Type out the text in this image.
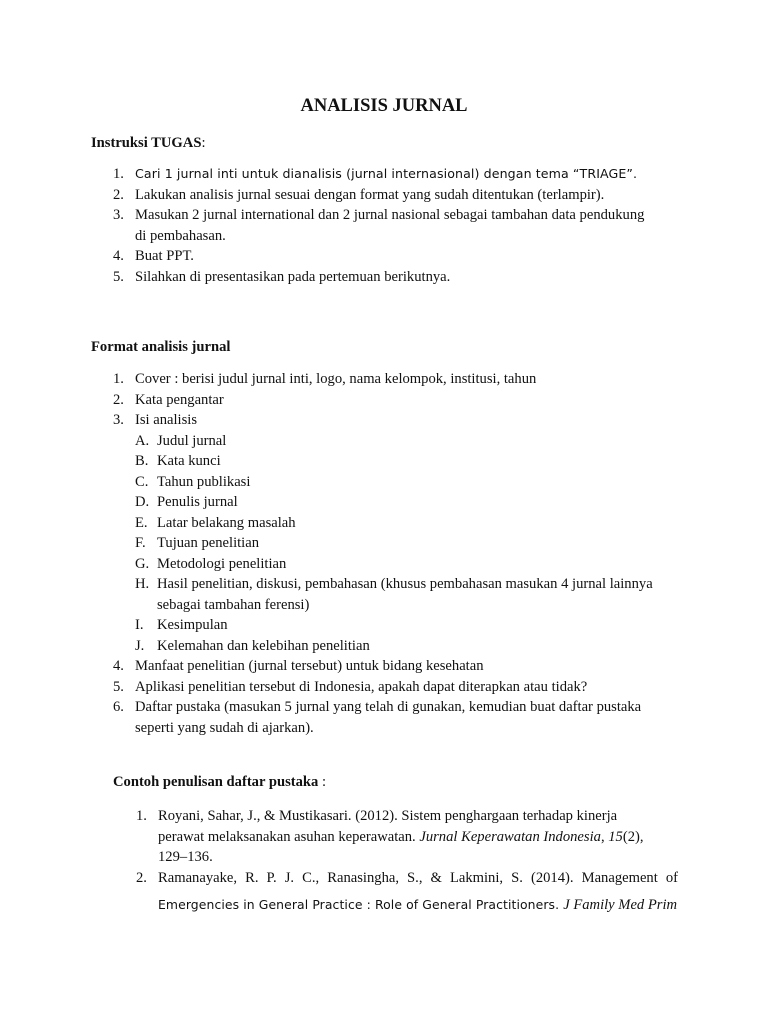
ANALISIS JURNAL
Instruksi TUGAS:
1. Cari 1 jurnal inti untuk dianalisis (jurnal internasional) dengan tema “TRIAGE”.
2. Lakukan analisis jurnal sesuai dengan format yang sudah ditentukan (terlampir).
3. Masukan 2 jurnal international dan 2 jurnal nasional sebagai tambahan data pendukung
di pembahasan.
4. Buat PPT.
5. Silahkan di presentasikan pada pertemuan berikutnya.
Format analisis jurnal
1. Cover : berisi judul jurnal inti, logo, nama kelompok, institusi, tahun
2. Kata pengantar
3. Isi analisis
A. Judul jurnal
B. Kata kunci
C. Tahun publikasi
D. Penulis jurnal
E. Latar belakang masalah
F. Tujuan penelitian
G. Metodologi penelitian
H. Hasil penelitian, diskusi, pembahasan (khusus pembahasan masukan 4 jurnal lainnya
sebagai tambahan ferensi)
I. Kesimpulan
J. Kelemahan dan kelebihan penelitian
4. Manfaat penelitian (jurnal tersebut) untuk bidang kesehatan
5. Aplikasi penelitian tersebut di Indonesia, apakah dapat diterapkan atau tidak?
6. Daftar pustaka (masukan 5 jurnal yang telah di gunakan, kemudian buat daftar pustaka
seperti yang sudah di ajarkan).
Contoh penulisan daftar pustaka :
1. Royani, Sahar, J., & Mustikasari. (2012). Sistem penghargaan terhadap kinerja
perawat melaksanakan asuhan keperawatan. Jurnal Keperawatan Indonesia, 15(2),
129–136.
2. Ramanayake, R. P. J. C., Ranasingha, S., & Lakmini, S. (2014). Management of
Emergencies in General Practice : Role of General Practitioners. J Family Med Prim
